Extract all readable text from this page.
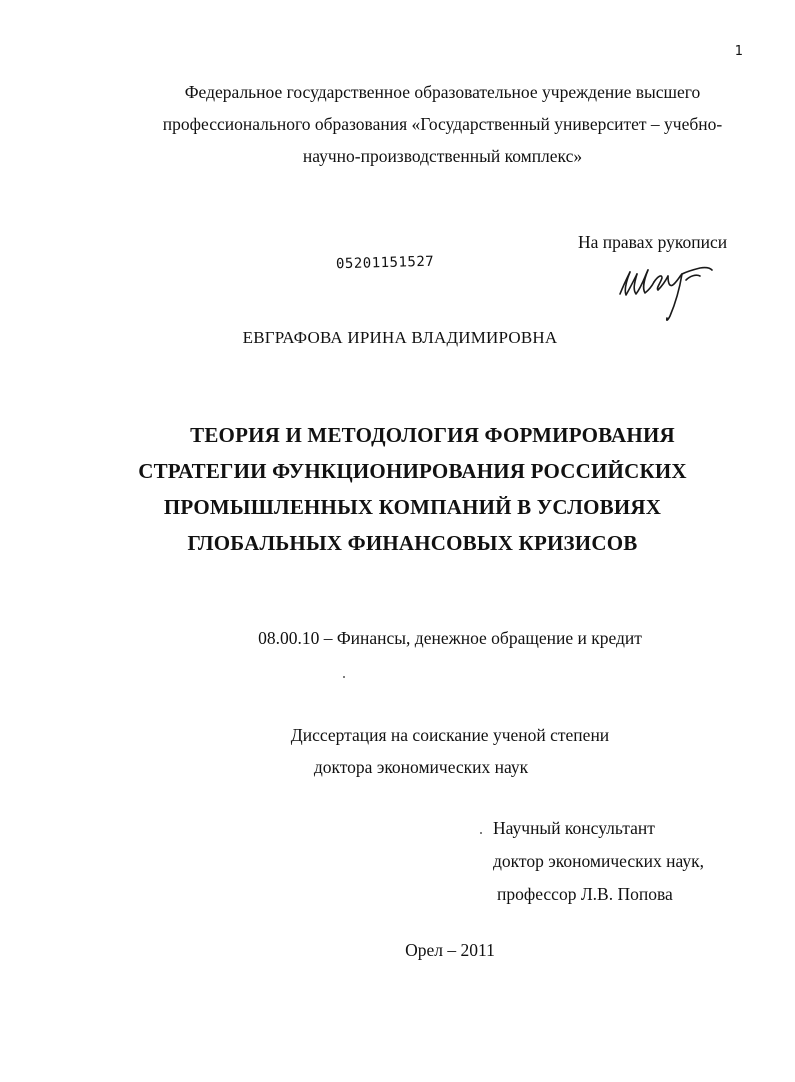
1
Федеральное государственное образовательное учреждение высшего
профессионального образования «Государственный университет – учебно-
научно-производственный комплекс»
05201151527
На правах рукописи
ЕВГРАФОВА ИРИНА ВЛАДИМИРОВНА
ТЕОРИЯ И МЕТОДОЛОГИЯ ФОРМИРОВАНИЯ
СТРАТЕГИИ ФУНКЦИОНИРОВАНИЯ РОССИЙСКИХ
ПРОМЫШЛЕННЫХ КОМПАНИЙ В УСЛОВИЯХ
ГЛОБАЛЬНЫХ ФИНАНСОВЫХ КРИЗИСОВ
08.00.10 – Финансы, денежное обращение и кредит
Диссертация на соискание ученой степени
доктора экономических наук
Научный консультант
доктор экономических наук,
профессор Л.В. Попова
Орел – 2011
